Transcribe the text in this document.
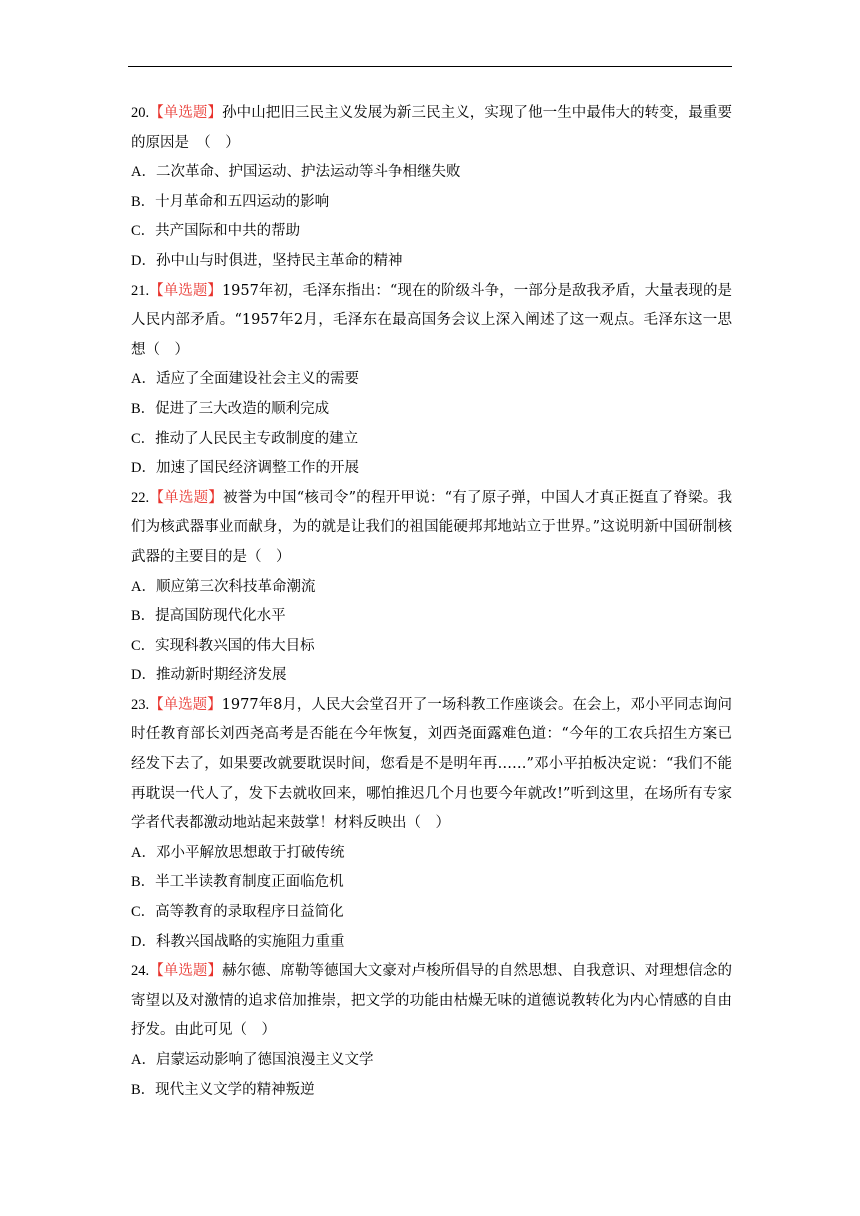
20.【单选题】孙中山把旧三民主义发展为新三民主义，实现了他一生中最伟大的转变，最重要的原因是　（　）
A．二次革命、护国运动、护法运动等斗争相继失败
B．十月革命和五四运动的影响
C．共产国际和中共的帮助
D．孙中山与时俱进，坚持民主革命的精神
21.【单选题】1957年初，毛泽东指出：“现在的阶级斗争，一部分是敌我矛盾，大量表现的是人民内部矛盾。“1957年2月，毛泽东在最高国务会议上深入阐述了这一观点。毛泽东这一思想（　）
A．适应了全面建设社会主义的需要
B．促进了三大改造的顺利完成
C．推动了人民民主专政制度的建立
D．加速了国民经济调整工作的开展
22.【单选题】被誉为中国“核司令”的程开甲说：“有了原子弹，中国人才真正挺直了脊梁。我们为核武器事业而献身，为的就是让我们的祖国能硬邦邦地站立于世界。”这说明新中国研制核武器的主要目的是（　）
A．顺应第三次科技革命潮流
B．提高国防现代化水平
C．实现科教兴国的伟大目标
D．推动新时期经济发展
23.【单选题】1977年8月，人民大会堂召开了一场科教工作座谈会。在会上，邓小平同志询问时任教育部长刘西尧高考是否能在今年恢复，刘西尧面露难色道：“今年的工农兵招生方案已经发下去了，如果要改就要耽误时间，您看是不是明年再……”邓小平拍板决定说：“我们不能再耽误一代人了，发下去就收回来，哪怕推迟几个月也要今年就改!”听到这里，在场所有专家学者代表都激动地站起来鼓掌！材料反映出（　）
A．邓小平解放思想敢于打破传统
B．半工半读教育制度正面临危机
C．高等教育的录取程序日益简化
D．科教兴国战略的实施阻力重重
24.【单选题】赫尔德、席勒等德国大文豪对卢梭所倡导的自然思想、自我意识、对理想信念的寄望以及对激情的追求倍加推崇，把文学的功能由枯燥无味的道德说教转化为内心情感的自由抒发。由此可见（　）
A．启蒙运动影响了德国浪漫主义文学
B．现代主义文学的精神叛逆
